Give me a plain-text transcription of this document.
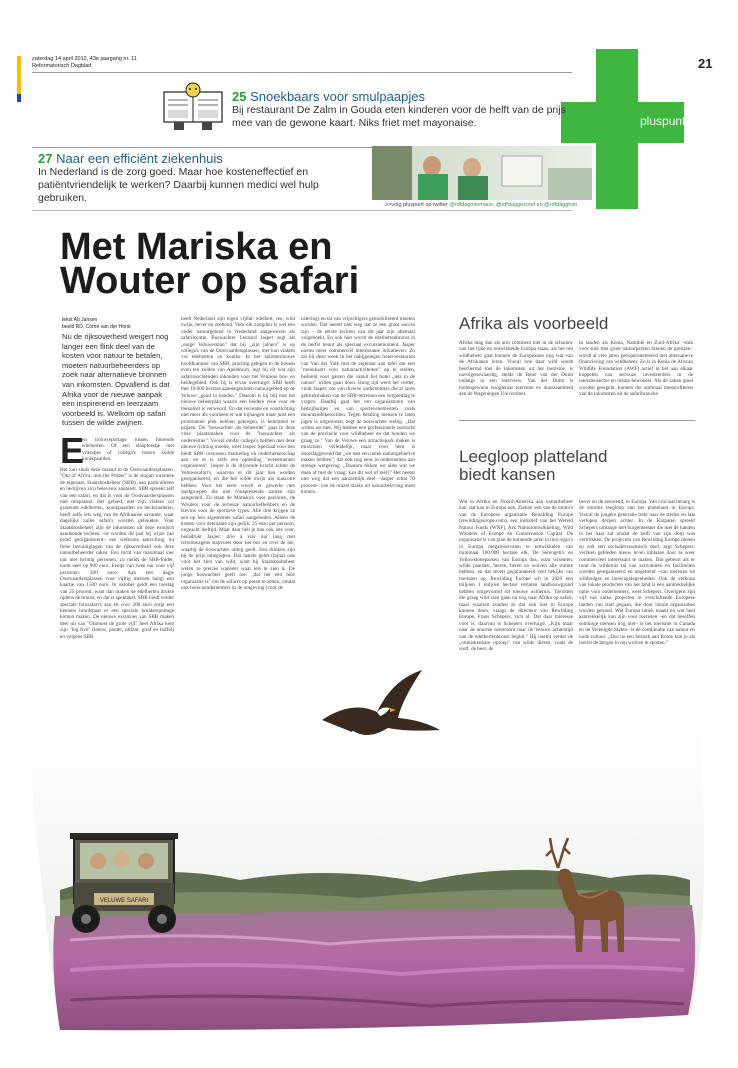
zaterdag 14 april 2012, 43e jaargang nr. 11
Reformatorisch Dagblad	21
pluspunt
25 Snoekbaars voor smulpaapjes
Bij restaurant De Zalm in Gouda eten kinderen voor de helft van de prijs mee van de gewone kaart. Niks friet met mayonaise.
27 Naar een efficiënt ziekenhuis
In Nederland is de zorg goed. Maar hoe kosteneffectief en patiëntvriendelijk te werken? Daarbij kunnen medici wel hulp gebruiken.
>>volg pluspunt op twitter @rdfdagmiemaus, @rdfdaggezond en @rdfdagghim
Met Mariska en
Wouter op safari
tekst Ab Jansen
beeld RD, Corné van der Horst
Nu de rijksoverheid weigert nog langer een flink deel van de kosten voor natuur te betalen, moeten natuurbeheerders op zoek naar alternatieve bronnen van inkomsten. Opvallend is dat Afrika voor de nieuwe aanpak een inspirerend en leerzaam voorbeeld is. Welkom op safari tussen de wilde zwijnen.
E
en trouwreportage tussen fotoende edelherten. Of een slaapfeestje met vriendjes of collega's tussen kudde konikpaarden.
Het kan sinds deze maand in de Oostvaardersplassen. "Out of Africa, into the Polder" is de slogan waarmee de eigenaar, Staatsbosbeheer (SBB), aan particulieren en bedrijven zo'n belevenis aanbiedt. SBB spreekt zelf van een safari, en dat is voor de Oostvaardersplassen niet misplaatst. Het gebied, met zijn vlaktes vol grazende edelherten, konikpaarden en heckrunderen, heeft zelfs iets weg van de Afrikaanse savanne, waar dagelijks zulke safari's worden gehouden. Voor Staatsbosbeheer zijn de inkomsten uit deze exotisch aandoende tochten –ze worden dit jaar bij wijze van proef georganiseerd– een welkome aanvulling, nu forse bezuinigingen van de rijksoverheid ook deze natuurbeheerder raken. Een tocht van maximaal vier uur met twintig personen, zo meldt de SBB-folder, komt neer op 900 euro. Eentje van twee uur voor vijf personen: 300 euro. Aan een dagje Oostvaardersplassen voor vijftig mensen hangt een kaartje van 1500 euro. In oktober geldt een toeslag van 25 procent, want dan maken de edelherten drukte tijdens de bronst, en dat is spektakel. SBB biedt verder speciale fotosafari's aan en voor 200 euro zorgt een kenners bruidspaar er een speciale bruidsreportage komen maken. De nieuwe excursies van SBB maken deel uit van "Ontmoet de grote vijf" heet Afrika kent zijn "big five" (leeuw, panter, olifant, giraf en buffel) en volgens SBB
heeft Nederland zijn eigen vijftal: edelhert, ree, wild zwijn, bever en zeehond. Voor elk zoogdier is wel een onder natuurgebied in Nederland aangewezen als safarilocatie. Boswachter Lennard Jasper zegt als „enige Veluwesman" dat hij „zijn jaloers" is op collega's van de Oostvaardersplassen, met hun vlaktes vol edelherten en koniks. In het splinternieuwe hoofdkantoor van SBB, prachtig gelegen in de bossen even ten zuiden van Apeldoorn, legt hij uit wat zijn safarituochtenden inhouden voor het Veluwse bos- en heidegebied. Ook hij is ervan overtuigd: SBB heeft met 10.000 hectare aaneengesloten natuurgebied op de Veluwe „goud in handen." Daarom is hij blij met het nieuwe beheerplan waarin een heldere visie voor de toekomst is verwoord. En dat recreatie en voorlichting niet meer als voorheen er wat bijhangen maar juist een prominente plek hebben gekregen, is belemmel te prijzen. De "boswachter als beheerder" gaat in deze visie plaatsmaken voor de "boswachter als ondernemer". Voorol omdat collega's hebben met deze nieuwe richting moeite, weet Jasper. Speciaal voor hen biedt SBB cursussen marketing en ondernemerschap aan, en er is zelfs een opleiding "evenementen organiseren". Jasper is de drijvende kracht achter de Veluwesafari's, waarvan er dit jaar tien worden georganiseerd, en die het wilde zwijn als mascotte hebben. Voor het eerst wordt er gewerkt met doelgroepen die niet rooaprekende namen zijn aangeduid. Zo staan de Mariska's voor gezinnen, de Wouters voor de serieuze natuurliefhebbers en de Kevins voor de sportieve types. Alle drie krijgen ze een op hen afgestemde safari aangeboden. Alleen de kosten voor deelname zijn gelijk: 25 euro per persoon, ongeacht leeftijd. Maar daar heb je dan ook iets voor, benadrukt Jasper: drie à vier uur lang met terreinwagens stapvoets door het bos en over de hei, waarbij de boswachter uitleg geeft. Een drinken zijn bij de prijs inbegrepen. Dat laatste geldt (bijna) ook voor het zien van wild, want bij Staatsbosbeheer weten ze precies wanneer waar iets te zien is. De jonge boswachter geeft toe: „dat het een hele organisatie is" om de safari's op poten te zetten, omdat ook horecaondernemers in de omgeving (voor de
catering) en tal van vrijwilligers gemobiliseerd moeten worden. Dat neemt niet weg dat ze een groot succes zijn – de eerste tochten van dit jaar zijn allemaal volgeboekt. En ook hier wordt de edelhertenbronst in de herfst benut als speciaal excursiemoment. Jasper noemt meer commerciël interessante initiatieven. Zo zat hij deze week in het nabijgelegen hotel-restaurant van Van der Valk met de eigenaar aan tafel om een "menukaart voor natuuractiviteiten" op te stellen, bedoeld voor gasten die vanuit het hotel „iets in de natuur" willen gaan doen. Hoog tijd werd het verder, vindt Jasper, om van diverse ondernemers die al jaren gebruikmaken van de SBB-terreinen een vergoeding te vragen. Daarbij gaat het om organisatoren van bedrijfsuitjes en van sportevenementen zoals mountainbiketochten. Tegen betaling mensen te laten jagen is uitgesloten, zegt de boswachter stellig. „Dat willen we niet. Wij hebben een professionele opdracht van de provincie voor wildbeheer en dat houden we graag zo." Van de Veluwe een attractiepark maken is misschien verleidelijk, maar voor hem is doorslaggevend dat „we met een uniek natuurgebied te maken hebben", dat ook nog eens in ondernemen aan strenge wetgeving. „Daarom tikken we alles wat we doen af met de vraag: kan dit wel of niet?" Het neemt niet weg dat een aanzienlijk deel –Jasper schat 70 procent– van de omzet straks uit natuurbeleving moet komen.
Afrika als voorbeeld
Afrika mag dan als arm continent niet in de schaduw van het rijke en ontwikkelde Europa staan, als het om wildbeheer gaat kunnen de Europeanen nog wat van de Afrikanen leren. Vooral hoe daar wild wordt beschermd met de inkomsten uit het toerisme, is navolgenswaardig, stelde de René van der Duim onlangs in een interview. Van der Duim is buitengewoon hoogleraar toerisme en duurzaamheid aan de Wageningen Universiteit.
In landen als Kenia, Namibië en Zuid-Afrika –stuk voor stuk met grote natuurparken binnen de grenzen– wordt al vele jaren geëxperimenteerd met alternatieve financiering van wildbeheer. Zo is in Kenia de African Wildlife Foundation (AWF) actief in het aan elkaar koppelen van seriouze investeerders in de toeristensector en lokale bewoners. Als de zaken goed worden geregeld, kunnen die optimaal meeprofiteren van de inkomsten uit de safaribranche.
Leegloop platteland
biedt kansen
Wat in Afrika en Noord-Amerika aan natuurbeheer kan, dat kan in Europa ook. Ziehier een van de motto's van de Europese organisatie Rewilding Europe (rewildingeurope.com), een initiatief van het Wereld Natuur Fonds (WNF), Ark Natuurontwikkeling, Wild Wonders of Europe en Conservation Capital. De organisatie is van plan de komende jaren in tien regio's in Europa megareservaten te ontwikkelen van minimaal 100.000 hectare elk. De Serengeti's en Yellowstoneparken van Europa dus, waar wisenten, wilde paarden, herten, beren en wolven alle ruimte hebben, en dat levert gegarandeerd veel bekijks van toeristen op. Rewilding Europe wil in 2020 een miljoen 1 miljoen hectare verlaten landbouwgrond hebben omgevormd tot nieuwe wildernis. Toeristen die graag wild zien gaan nu nog naar Afrika op safari, maar waarom zouden ze dat ook niet in Europa kunnen doen, vraagt de directeur van Rewilding Europe, Frans Schepers, zich af. Dat daar interesse voor is, daarvan is Schepers overtuigd. „Kijk maar naar de enorme toestroom naar de Veluwe achtentijd van de edelhertenbronst begint." Hij noemt verder de „onmiskenbare oproep" van wilde dieren, zoals de wolf, de beer, de
bever en de zeearend, in Europa. Van cruciaal belang is de enorme leegloop van het platteland in Europa. Vooral de jongere generatie trekt naar de steden en laat verlopen dorpen achter. In de Karpaten spreekt Schepers omlange met burgemeester die met de handen in het haar zat omdat de helft van zijn dorp was vertrokken. De projecten van Rewilding Europe dienen zo ook een sociaaleconomisch doel, zegt Schepers: verlaten gebieden nieuw leven inblazen door ze weer commercieel interessant te maken. Dat gebeurt als er rond de wildernis tal van activiteiten en faciliteiten worden georganiseerd en uitgebreid –van toeristen tot wildlodges en horecagelegenheden. Ook de verkoop van lokale producten van het land is een aantrekkelijke optie voor ondernemers, weet Schepers. Overigens zijn vijf van zulke projecten in verschillende Europese landen van start gegaan, die door lokale organisaties worden getrand. Wat Europa uniek maakt en wat heel aantrekkelijk kan zijn voor toeristen –en dat beseffen sommige mensen nog niet– is het toerisme in Canada en de Verenigde Staten– is de combinatie van natuur en oude cultuur. „Dus na een bezoek aan Rome kun je als toerist de bergen in om wolven te spotten."
VELUWE SAFARI
